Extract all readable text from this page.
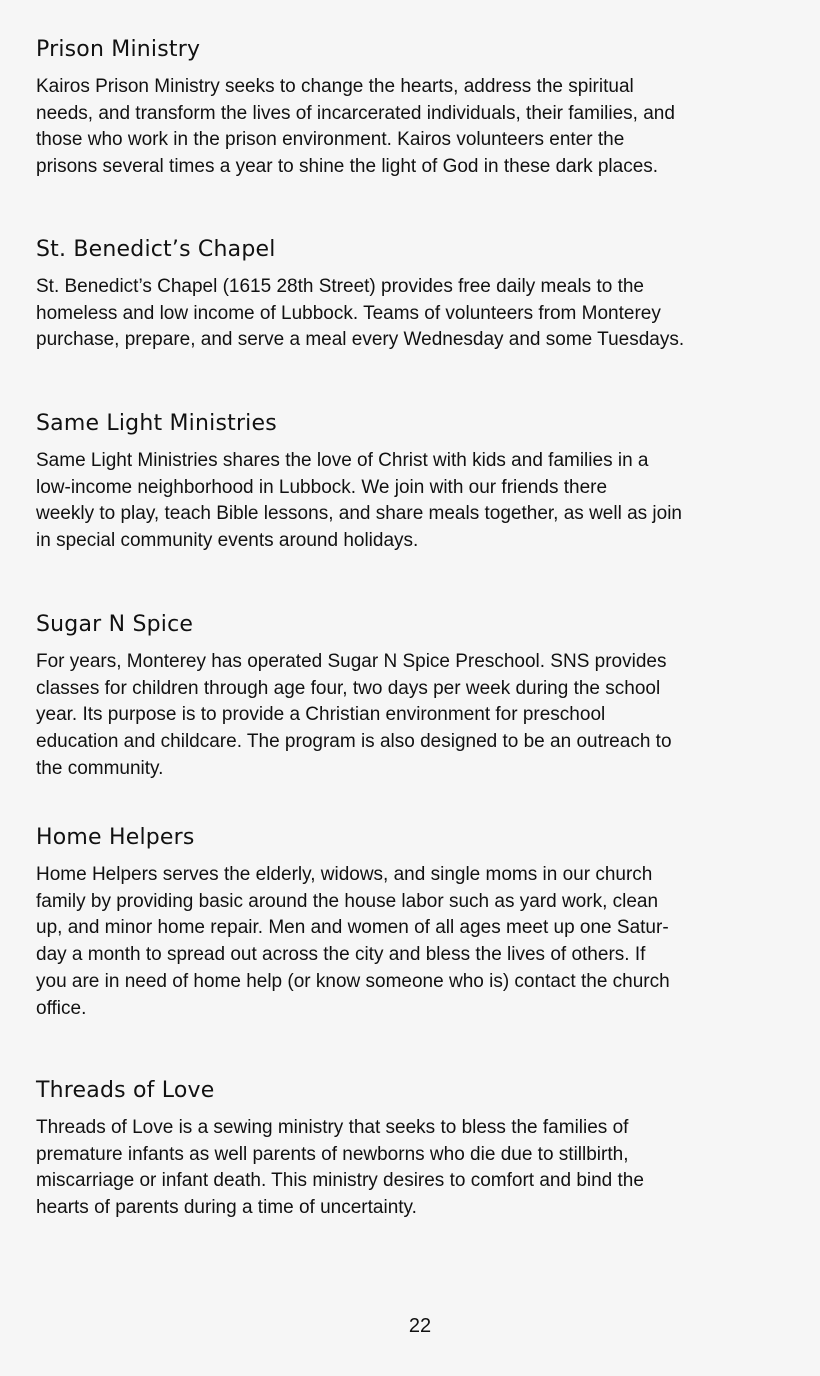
Prison Ministry

Kairos Prison Ministry seeks to change the hearts, address the spiritual
needs, and transform the lives of incarcerated individuals, their families, and
those who work in the prison environment. Kairos volunteers enter the
prisons several times a year to shine the light of God in these dark places.

St. Benedict’s Chapel

St. Benedict’s Chapel (1615 28th Street) provides free daily meals to the
homeless and low income of Lubbock. Teams of volunteers from Monterey
purchase, prepare, and serve a meal every Wednesday and some Tuesdays.

Same Light Ministries

Same Light Ministries shares the love of Christ with kids and families in a
low-income neighborhood in Lubbock. We join with our friends there
weekly to play, teach Bible lessons, and share meals together, as well as join
in special community events around holidays.

Sugar N Spice

For years, Monterey has operated Sugar N Spice Preschool. SNS provides
classes for children through age four, two days per week during the school
year. Its purpose is to provide a Christian environment for preschool
education and childcare. The program is also designed to be an outreach to
the community.

Home Helpers

Home Helpers serves the elderly, widows, and single moms in our church
family by providing basic around the house labor such as yard work, clean
up, and minor home repair. Men and women of all ages meet up one Satur-
day a month to spread out across the city and bless the lives of others. If
you are in need of home help (or know someone who is) contact the church
office.

Threads of Love

Threads of Love is a sewing ministry that seeks to bless the families of
premature infants as well parents of newborns who die due to stillbirth,
miscarriage or infant death. This ministry desires to comfort and bind the
hearts of parents during a time of uncertainty.

22
